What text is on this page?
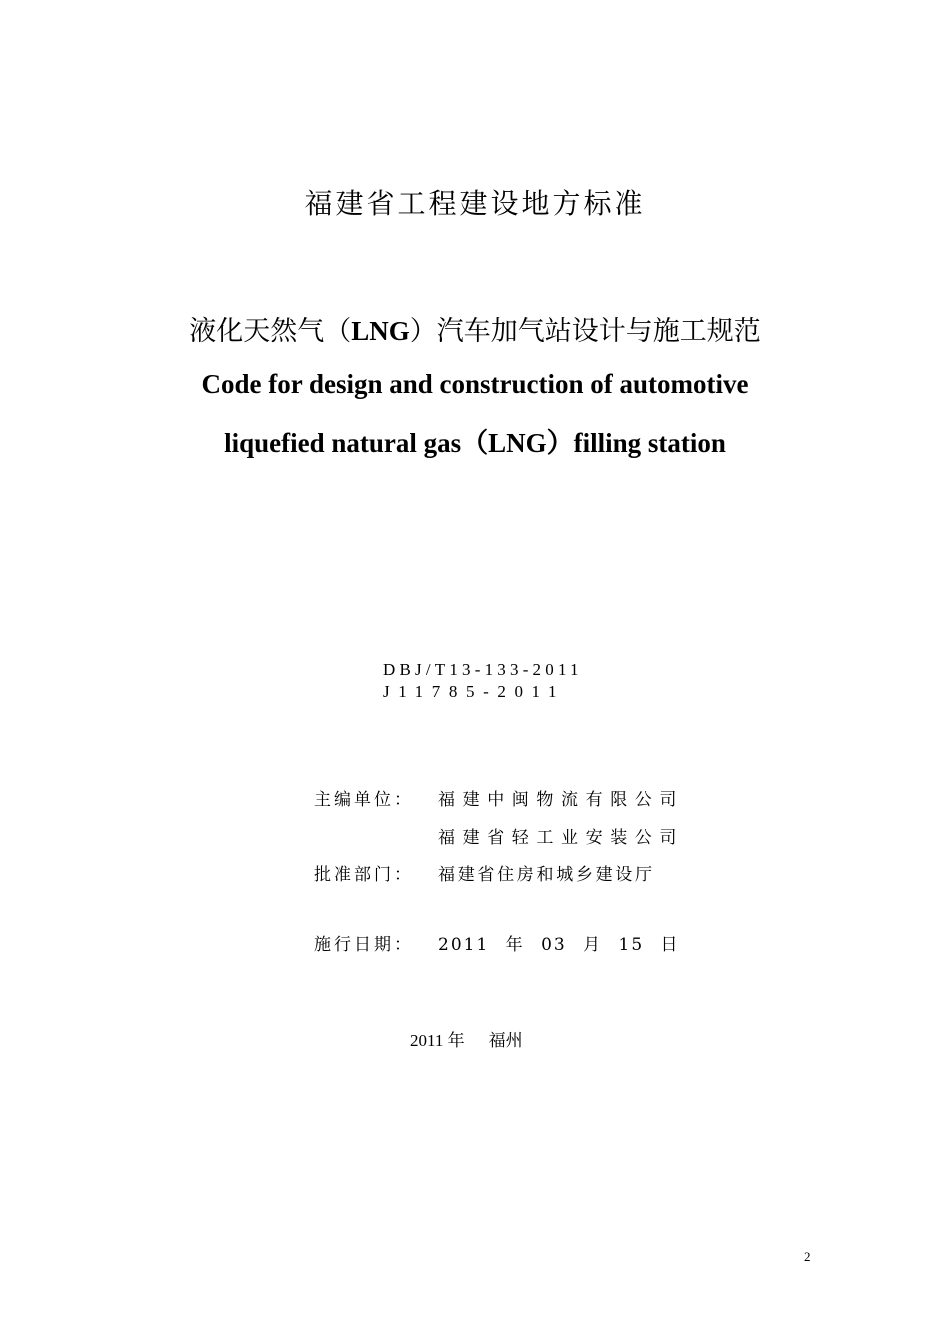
福建省工程建设地方标准
液化天然气（LNG）汽车加气站设计与施工规范
Code for design and construction of automotive
liquefied natural gas（LNG）filling station
DBJ/T13-133-2011
J11785-2011
主编单位： 福建中闽物流有限公司
福建省轻工业安装公司
批准部门： 福建省住房和城乡建设厅
施行日期： 2011 年 03 月 15 日
2011 年 福州
2
